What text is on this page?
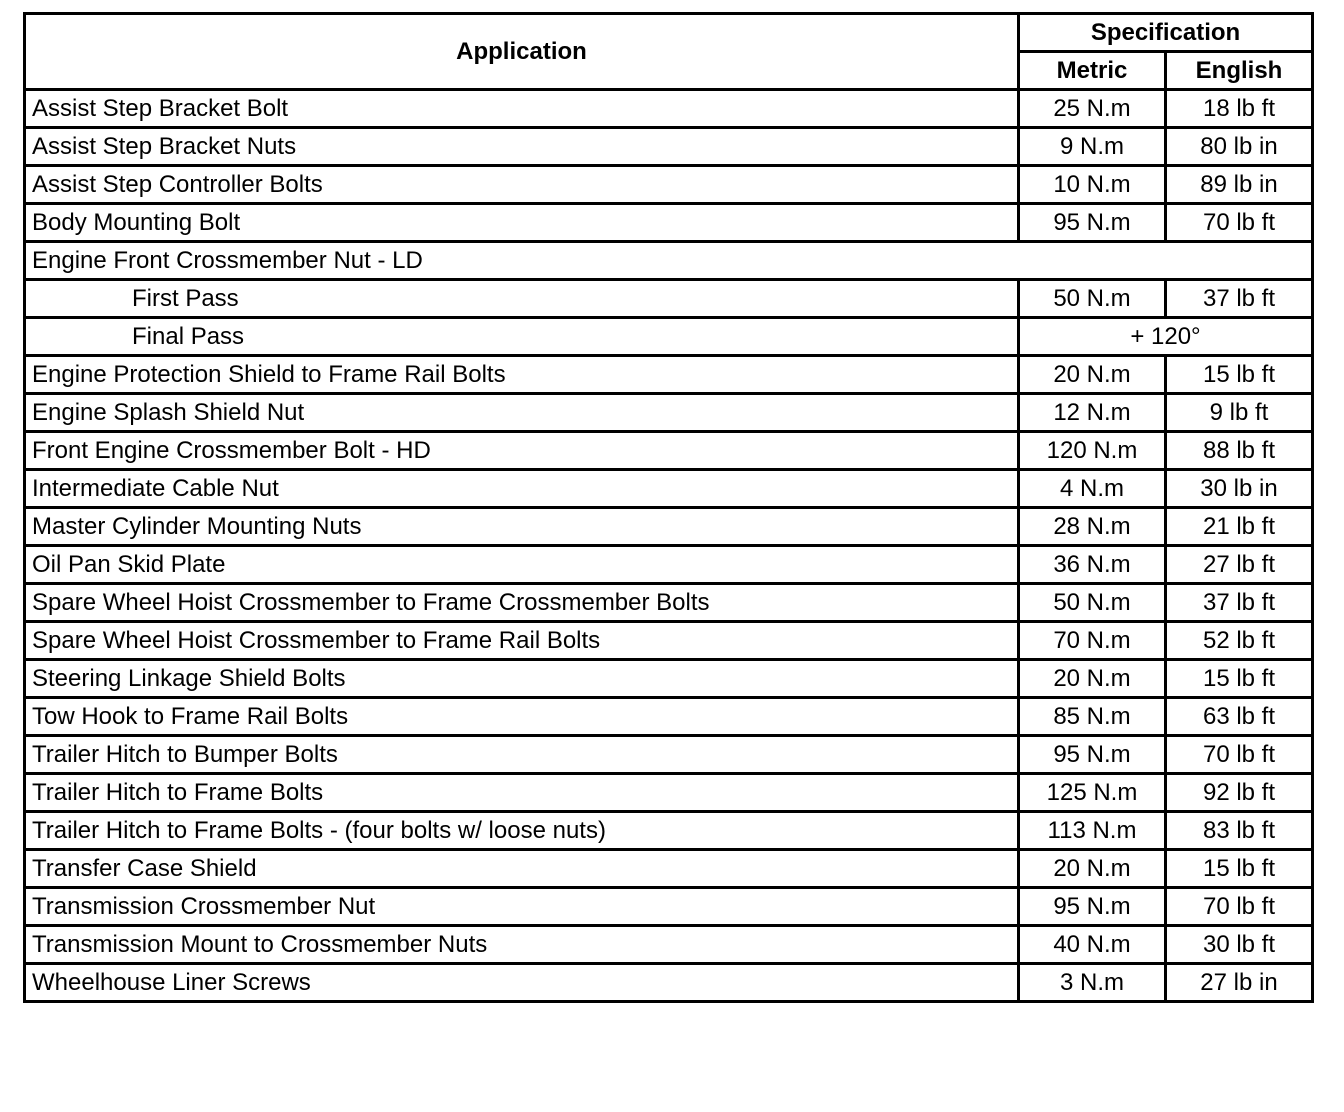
Application	Specification	
	Metric	English
Assist Step Bracket Bolt	25 N.m	18 lb ft
Assist Step Bracket Nuts	9 N.m	80 lb in
Assist Step Controller Bolts	10 N.m	89 lb in
Body Mounting Bolt	95 N.m	70 lb ft
Engine Front Crossmember Nut - LD		
First Pass	50 N.m	37 lb ft
Final Pass	+ 120°	
Engine Protection Shield to Frame Rail Bolts	20 N.m	15 lb ft
Engine Splash Shield Nut	12 N.m	9 lb ft
Front Engine Crossmember Bolt - HD	120 N.m	88 lb ft
Intermediate Cable Nut	4 N.m	30 lb in
Master Cylinder Mounting Nuts	28 N.m	21 lb ft
Oil Pan Skid Plate	36 N.m	27 lb ft
Spare Wheel Hoist Crossmember to Frame Crossmember Bolts	50 N.m	37 lb ft
Spare Wheel Hoist Crossmember to Frame Rail Bolts	70 N.m	52 lb ft
Steering Linkage Shield Bolts	20 N.m	15 lb ft
Tow Hook to Frame Rail Bolts	85 N.m	63 lb ft
Trailer Hitch to Bumper Bolts	95 N.m	70 lb ft
Trailer Hitch to Frame Bolts	125 N.m	92 lb ft
Trailer Hitch to Frame Bolts - (four bolts w/ loose nuts)	113 N.m	83 lb ft
Transfer Case Shield	20 N.m	15 lb ft
Transmission Crossmember Nut	95 N.m	70 lb ft
Transmission Mount to Crossmember Nuts	40 N.m	30 lb ft
Wheelhouse Liner Screws	3 N.m	27 lb in
